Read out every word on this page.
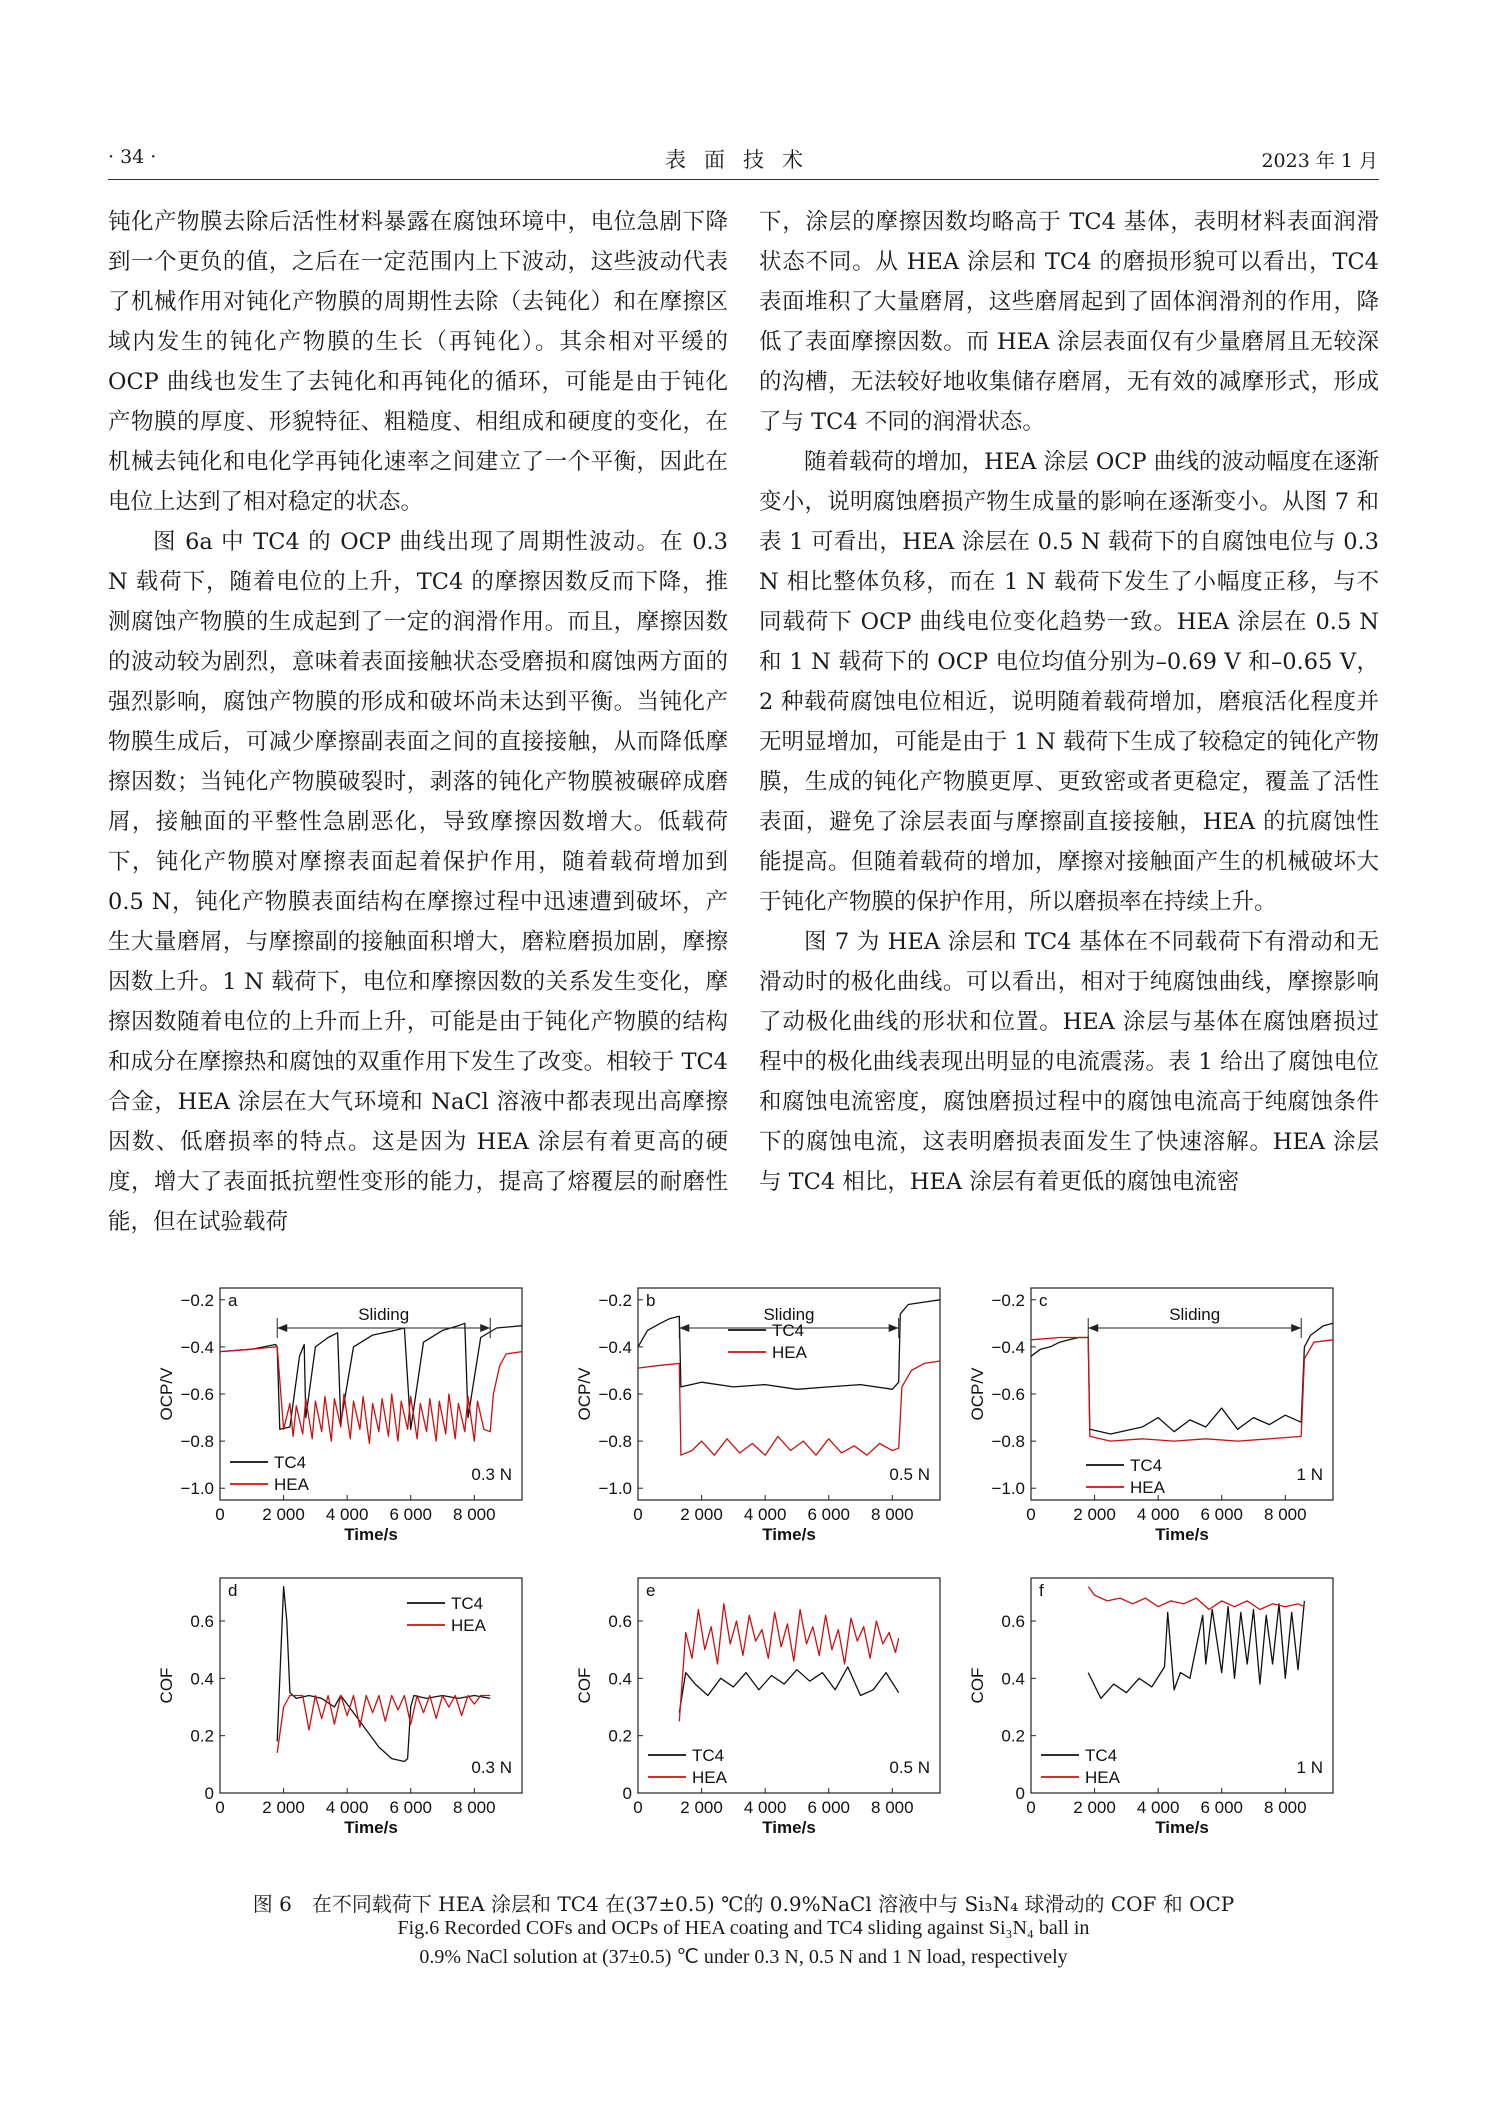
· 34 ·	表面技术	2023 年 1 月

钝化产物膜去除后活性材料暴露在腐蚀环境中，电位急剧下降到一个更负的值，之后在一定范围内上下波动，这些波动代表了机械作用对钝化产物膜的周期性去除（去钝化）和在摩擦区域内发生的钝化产物膜的生长（再钝化）。其余相对平缓的 OCP 曲线也发生了去钝化和再钝化的循环，可能是由于钝化产物膜的厚度、形貌特征、粗糙度、相组成和硬度的变化，在机械去钝化和电化学再钝化速率之间建立了一个平衡，因此在电位上达到了相对稳定的状态。

图 6a 中 TC4 的 OCP 曲线出现了周期性波动。在 0.3 N 载荷下，随着电位的上升，TC4 的摩擦因数反而下降，推测腐蚀产物膜的生成起到了一定的润滑作用。而且，摩擦因数的波动较为剧烈，意味着表面接触状态受磨损和腐蚀两方面的强烈影响，腐蚀产物膜的形成和破坏尚未达到平衡。当钝化产物膜生成后，可减少摩擦副表面之间的直接接触，从而降低摩擦因数；当钝化产物膜破裂时，剥落的钝化产物膜被碾碎成磨屑，接触面的平整性急剧恶化，导致摩擦因数增大。低载荷下，钝化产物膜对摩擦表面起着保护作用，随着载荷增加到 0.5 N，钝化产物膜表面结构在摩擦过程中迅速遭到破坏，产生大量磨屑，与摩擦副的接触面积增大，磨粒磨损加剧，摩擦因数上升。1 N 载荷下，电位和摩擦因数的关系发生变化，摩擦因数随着电位的上升而上升，可能是由于钝化产物膜的结构和成分在摩擦热和腐蚀的双重作用下发生了改变。相较于 TC4 合金，HEA 涂层在大气环境和 NaCl 溶液中都表现出高摩擦因数、低磨损率的特点。这是因为 HEA 涂层有着更高的硬度，增大了表面抵抗塑性变形的能力，提高了熔覆层的耐磨性能，但在试验载荷

下，涂层的摩擦因数均略高于 TC4 基体，表明材料表面润滑状态不同。从 HEA 涂层和 TC4 的磨损形貌可以看出，TC4 表面堆积了大量磨屑，这些磨屑起到了固体润滑剂的作用，降低了表面摩擦因数。而 HEA 涂层表面仅有少量磨屑且无较深的沟槽，无法较好地收集储存磨屑，无有效的减摩形式，形成了与 TC4 不同的润滑状态。

随着载荷的增加，HEA 涂层 OCP 曲线的波动幅度在逐渐变小，说明腐蚀磨损产物生成量的影响在逐渐变小。从图 7 和表 1 可看出，HEA 涂层在 0.5 N 载荷下的自腐蚀电位与 0.3 N 相比整体负移，而在 1 N 载荷下发生了小幅度正移，与不同载荷下 OCP 曲线电位变化趋势一致。HEA 涂层在 0.5 N 和 1 N 载荷下的 OCP 电位均值分别为–0.69 V 和–0.65 V，2 种载荷腐蚀电位相近，说明随着载荷增加，磨痕活化程度并无明显增加，可能是由于 1 N 载荷下生成了较稳定的钝化产物膜，生成的钝化产物膜更厚、更致密或者更稳定，覆盖了活性表面，避免了涂层表面与摩擦副直接接触，HEA 的抗腐蚀性能提高。但随着载荷的增加，摩擦对接触面产生的机械破坏大于钝化产物膜的保护作用，所以磨损率在持续上升。

图 7 为 HEA 涂层和 TC4 基体在不同载荷下有滑动和无滑动时的极化曲线。可以看出，相对于纯腐蚀曲线，摩擦影响了动极化曲线的形状和位置。HEA 涂层与基体在腐蚀磨损过程中的极化曲线表现出明显的电流震荡。表 1 给出了腐蚀电位和腐蚀电流密度，腐蚀磨损过程中的腐蚀电流高于纯腐蚀条件下的腐蚀电流，这表明磨损表面发生了快速溶解。HEA 涂层与 TC4 相比，HEA 涂层有着更低的腐蚀电流密

0 2 000 4 000 6 000 8 000
−1.0
−0.8
−0.6
−0.4
−0.2
Time/s
OCP/V
a
Sliding
TC4
HEA
0.3 N
0 2 000 4 000 6 000 8 000
−1.0
−0.8
−0.6
−0.4
−0.2
Time/s
OCP/V
b
Sliding
TC4
HEA
0.5 N
0 2 000 4 000 6 000 8 000
−1.0
−0.8
−0.6
−0.4
−0.2
Time/s
OCP/V
c
Sliding
TC4
HEA
1 N
0 2 000 4 000 6 000 8 000
0
0.2
0.4
0.6
Time/s
COF
d
TC4
HEA
0.3 N
0 2 000 4 000 6 000 8 000
0
0.2
0.4
0.6
Time/s
COF
e
TC4
HEA
0.5 N
0 2 000 4 000 6 000 8 000
0
0.2
0.4
0.6
Time/s
COF
f
TC4
HEA
1 N
图 6　在不同载荷下 HEA 涂层和 TC4 在(37±0.5) ℃的 0.9%NaCl 溶液中与 Si₃N₄ 球滑动的 COF 和 OCP
Fig.6 Recorded COFs and OCPs of HEA coating and TC4 sliding against Si₃N₄ ball in
0.9% NaCl solution at (37±0.5) ℃ under 0.3 N, 0.5 N and 1 N load, respectively
